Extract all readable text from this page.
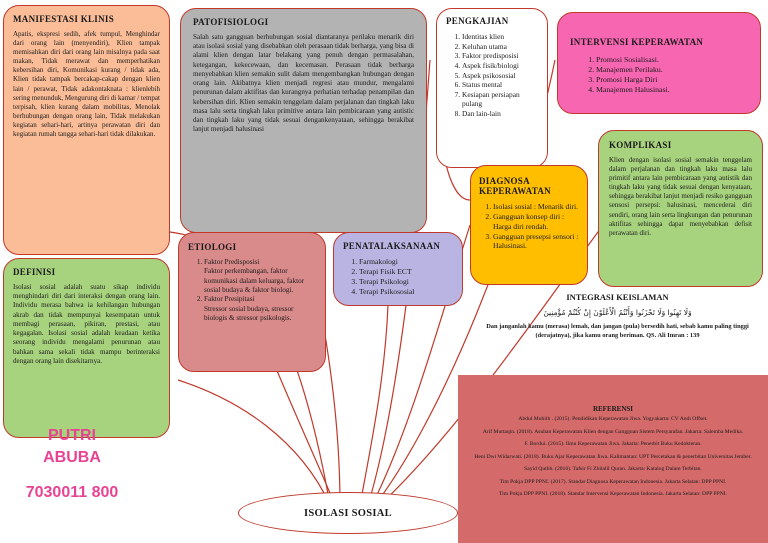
MANIFESTASI KLINIS

Apatis, ekspresi sedih, afek tumpul, Menghindar dari orang lain (menyendiri), Klien tampak memisahkan diri dari orang lain misalnya pada saat makan, Tidak merawat dan memperhatikan kebersihan diri, Komunikasi kurang / tidak ada, Klien tidak tampak bercakap-cakap dengan klien lain / perawat, Tidak adakontaknata : klienlebih sering menunduk, Mengurung diri di kamar / tempat terpisah, klien kurang dalam mobilitas, Menolak berhubungan dengan orang lain, Tidak melakukan kegiatan sehari-hari, artinya perawatan diri dan kegiatan rumah tangga sehari-hari tidak dilakukan.

PATOFISIOLOGI

Salah satu gangguan berhubungan sosial diantaranya perilaku menarik diri atau isolasi sosial yang disebabkan oleh perasaan tidak berharga, yang bisa di alami klien dengan latar belakang yang penuh dengan permasalahan, ketegangan, kekecewaan, dan kecemasan. Perasaan tidak berharga menyebabkan klien semakin sulit dalam mengembangkan hubungan dengan orang lain. Akibatnya klien menjadi regresi atau mundur, mengalami penurunan dalam aktifitas dan kurangnya perhatian terhadap penampilan dan kebersihan diri. Klien semakin tenggelam dalam perjalanan dan tingkah laku masa lalu serta tingkah laku primitive antara lain pembicaraan yang autistic dan tingkah laku yang tidak sesuai dengankenyataan, sehingga berakibat lanjut menjadi halusinasi

PENGKAJIAN
1. Identitas klien
2. Keluhan utama
3. Faktor predisposisi
4. Aspek fisik/biologi
5. Aspek psikososial
6. Status mental
7. Kesiapan persiapan pulang
8. Dan lain-lain
INTERVENSI KEPERAWATAN
1. Promosi Sosialisasi.
2. Manajemen Perilaku.
3. Promosi Harga Diri
4. Manajemen Halusinasi.
KOMPLIKASI

Klien dengan isolasi sosial semakin tenggelam dalam perjalanan dan tingkah laku masa lalu primitif antara lain pembicaraan yang autistik dan tingkah laku yang tidak sesuai dengan kenyataan, sehingga berakibat lanjut menjadi resiko gangguan sensosi persepsi: halusinasi, mencederai diri sendiri, orang lain serta lingkungan dan penurunan aktifitas sehingga dapat menyebabkan defisit perawatan diri.

DIAGNOSA KEPERAWATAN
1. Isolasi sosial : Menarik diri.
2. Gangguan konsep diri : Harga diri rendah.
3. Gangguan presepsi sensori : Halusinasi.
ETIOLOGI
1. Faktor Predisposisi
Faktor perkembangan, faktor komunikasi dalam keluarga, faktor sosial budaya & faktor biologi.
2. Faktor Presipitasi
Stressor sosial budaya, stressor biologis & stressor psikologis.
PENATALAKSANAAN
1. Farmakologi
2. Terapi Fisik ECT
3. Terapi Psikologi
4. Terapi Psikososial
DEFINISI

Isolasi sosial adalah suatu sikap individu menghindari diri dari interaksi dengan orang lain. Individu merasa bahwa ia kehilangan hubungan akrab dan tidak mempunyai kesempatan untuk membagi perasaan, pikiran, prestasi, atau kegagalan. Isolasi sosial adalah keadaan ketika seorang individu mengalami penurunan atau bahkan sama sekali tidak mampu berinteraksi dengan orang lain disekitarnya.

INTEGRASI KEISLAMAN
وَلَا تَهِنُوا وَلَا تَحْزَنُوا وَأَنْتُمُ الْأَعْلَوْنَ إِنْ كُنْتُمْ مُؤْمِنِينَ
Dan janganlah kamu (merasa) lemah, dan jangan (pula) bersedih hati, sebab kamu paling tinggi (derajatnya), jika kamu orang beriman. QS. Ali Imran : 139
REFERENSI
Abdul Muhith . (2015). Pendidikan Keperawatan Jiwa. Yogyakarta: CV Andi Offset.
Arif Muttaqin. (2018). Asuhan Keperawatan Klien dengan Gangguan Sistem Persyarafan. Jakarta: Salemba Medika.
F. Bordui. (2015). Ilmu Keperawatan Jiwa. Jakarta: Penerbit Buku Kedokteran.
Heni Dwi Widarwati. (2018). Buku Ajar Keperawatan Jiwa. Kalimantan: UPT Percetakan & penerbitan Universitas Jember.
Sayid Qutbh. (2016). Tafsir Fi Zhilalil Quran. Jakarta: Katalog Dalam Terbitan.
Tim Pokja DPP PPNI. (2017). Standar Diagnosa Keperawatan Indonesia. Jakarta Selatan: DPP PPNI.
Tim Pokja DPP PPNI. (2018). Standar Intervensi Keperawatan Indonesia. Jakarta Selatan: DPP PPNI.
ISOLASI SOSIAL
PUTRI ABUBA
7030011 800
